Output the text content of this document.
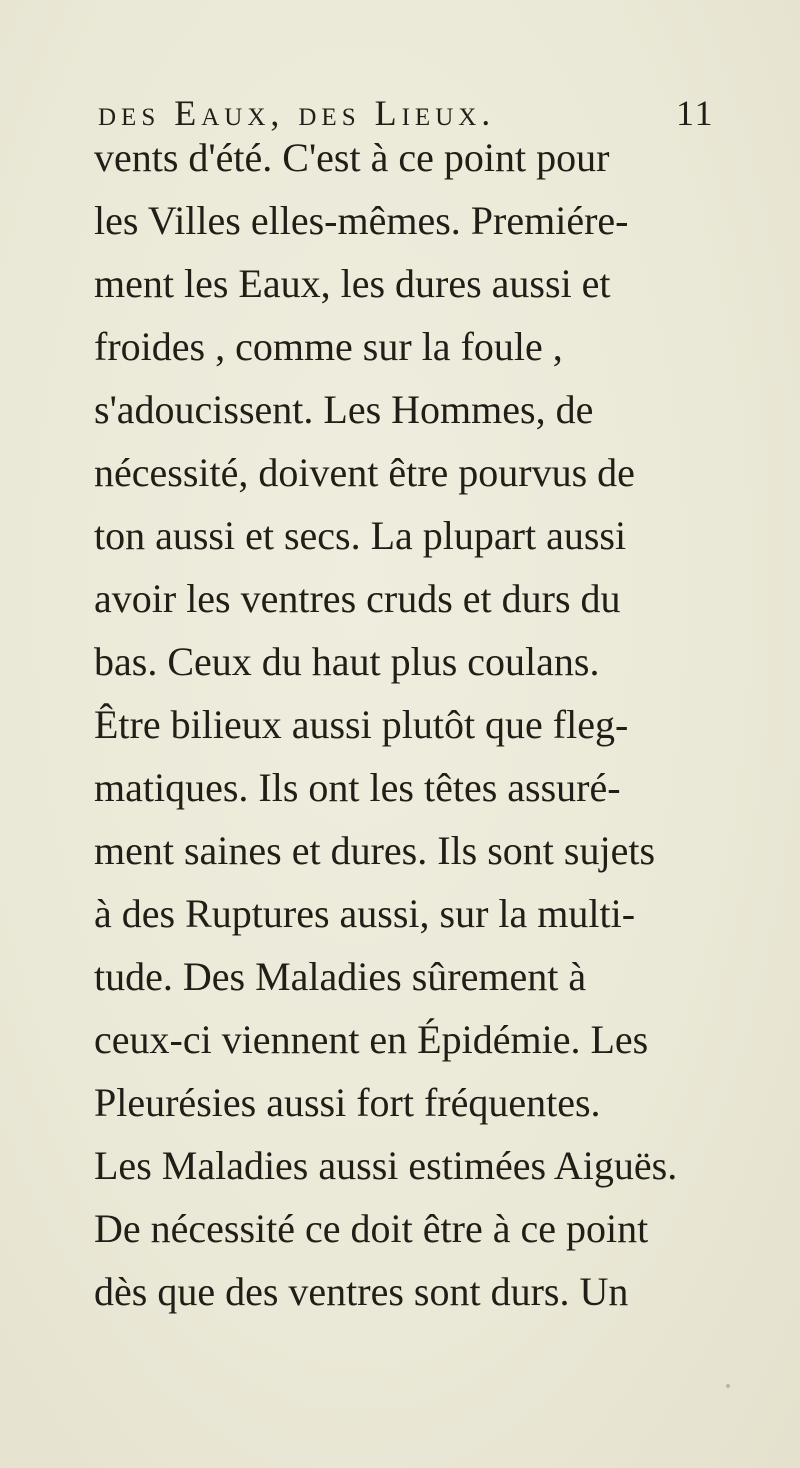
des Eaux, des Lieux.	11
vents d'été. C'est à ce point pour
les Villes elles-mêmes. Premiére-
ment les Eaux, les dures aussi et
froides , comme sur la foule ,
s'adoucissent. Les Hommes, de
nécessité, doivent être pourvus de
ton aussi et secs. La plupart aussi
avoir les ventres cruds et durs du
bas. Ceux du haut plus coulans.
Être bilieux aussi plutôt que fleg-
matiques. Ils ont les têtes assuré-
ment saines et dures. Ils sont sujets
à des Ruptures aussi, sur la multi-
tude. Des Maladies sûrement à
ceux-ci viennent en Épidémie. Les
Pleurésies aussi fort fréquentes.
Les Maladies aussi estimées Aiguës.
De nécessité ce doit être à ce point
dès que des ventres sont durs. Un
